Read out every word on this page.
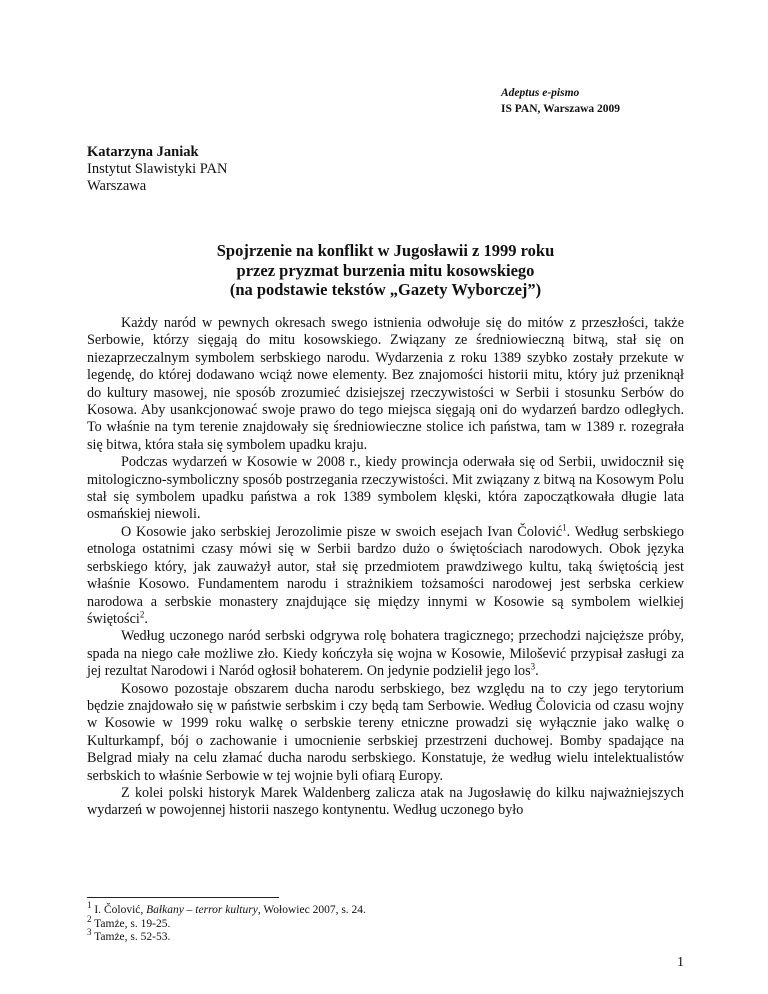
Adeptus e-pismo
IS PAN, Warszawa 2009
Katarzyna Janiak
Instytut Slawistyki PAN
Warszawa
Spojrzenie na konflikt w Jugosławii z 1999 roku
przez pryzmat burzenia mitu kosowskiego
(na podstawie tekstów „Gazety Wyborczej”)

Każdy naród w pewnych okresach swego istnienia odwołuje się do mitów z przeszłości, także Serbowie, którzy sięgają do mitu kosowskiego. Związany ze średniowieczną bitwą, stał się on niezaprzeczalnym symbolem serbskiego narodu. Wydarzenia z roku 1389 szybko zostały przekute w legendę, do której dodawano wciąż nowe elementy. Bez znajomości historii mitu, który już przeniknął do kultury masowej, nie sposób zrozumieć dzisiejszej rzeczywistości w Serbii i stosunku Serbów do Kosowa. Aby usankcjonować swoje prawo do tego miejsca sięgają oni do wydarzeń bardzo odległych. To właśnie na tym terenie znajdowały się średniowieczne stolice ich państwa, tam w 1389 r. rozegrała się bitwa, która stała się symbolem upadku kraju.

Podczas wydarzeń w Kosowie w 2008 r., kiedy prowincja oderwała się od Serbii, uwidocznił się mitologiczno-symboliczny sposób postrzegania rzeczywistości. Mit związany z bitwą na Kosowym Polu stał się symbolem upadku państwa a rok 1389 symbolem klęski, która zapoczątkowała długie lata osmańskiej niewoli.

O Kosowie jako serbskiej Jerozolimie pisze w swoich esejach Ivan Čolović$^1$. Według serbskiego etnologa ostatnimi czasy mówi się w Serbii bardzo dużo o świętościach narodowych. Obok języka serbskiego który, jak zauważył autor, stał się przedmiotem prawdziwego kultu, taką świętością jest właśnie Kosowo. Fundamentem narodu i strażnikiem tożsamości narodowej jest serbska cerkiew narodowa a serbskie monastery znajdujące się między innymi w Kosowie są symbolem wielkiej świętości$^2$.

Według uczonego naród serbski odgrywa rolę bohatera tragicznego; przechodzi najcięższe próby, spada na niego całe możliwe zło. Kiedy kończyła się wojna w Kosowie, Milošević przypisał zasługi za jej rezultat Narodowi i Naród ogłosił bohaterem. On jedynie podzielił jego los$^3$.

Kosowo pozostaje obszarem ducha narodu serbskiego, bez względu na to czy jego terytorium będzie znajdowało się w państwie serbskim i czy będą tam Serbowie. Według Čolovicia od czasu wojny w Kosowie w 1999 roku walkę o serbskie tereny etniczne prowadzi się wyłącznie jako walkę o Kulturkampf, bój o zachowanie i umocnienie serbskiej przestrzeni duchowej. Bomby spadające na Belgrad miały na celu złamać ducha narodu serbskiego. Konstatuje, że według wielu intelektualistów serbskich to właśnie Serbowie w tej wojnie byli ofiarą Europy.

Z kolei polski historyk Marek Waldenberg zalicza atak na Jugosławię do kilku najważniejszych wydarzeń w powojennej historii naszego kontynentu. Według uczonego było

$^1$ I. Čolović, Bałkany – terror kultury, Wołowiec 2007, s. 24.
$^2$ Tamże, s. 19-25.
$^3$ Tamże, s. 52-53.
1
